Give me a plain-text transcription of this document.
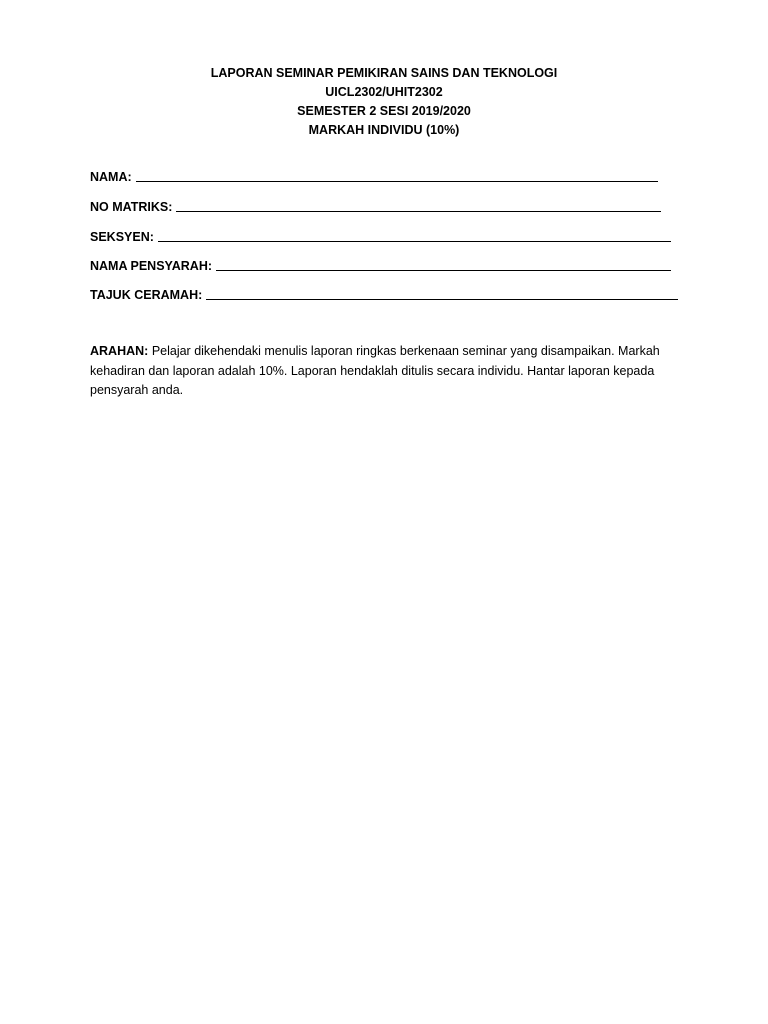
LAPORAN SEMINAR PEMIKIRAN SAINS DAN TEKNOLOGI
UICL2302/UHIT2302
SEMESTER 2 SESI 2019/2020
MARKAH INDIVIDU (10%)
NAMA:
NO MATRIKS:
SEKSYEN:
NAMA PENSYARAH:
TAJUK CERAMAH:
ARAHAN: Pelajar dikehendaki menulis laporan ringkas berkenaan seminar yang disampaikan. Markah kehadiran dan laporan adalah 10%. Laporan hendaklah ditulis secara individu. Hantar laporan kepada pensyarah anda.
